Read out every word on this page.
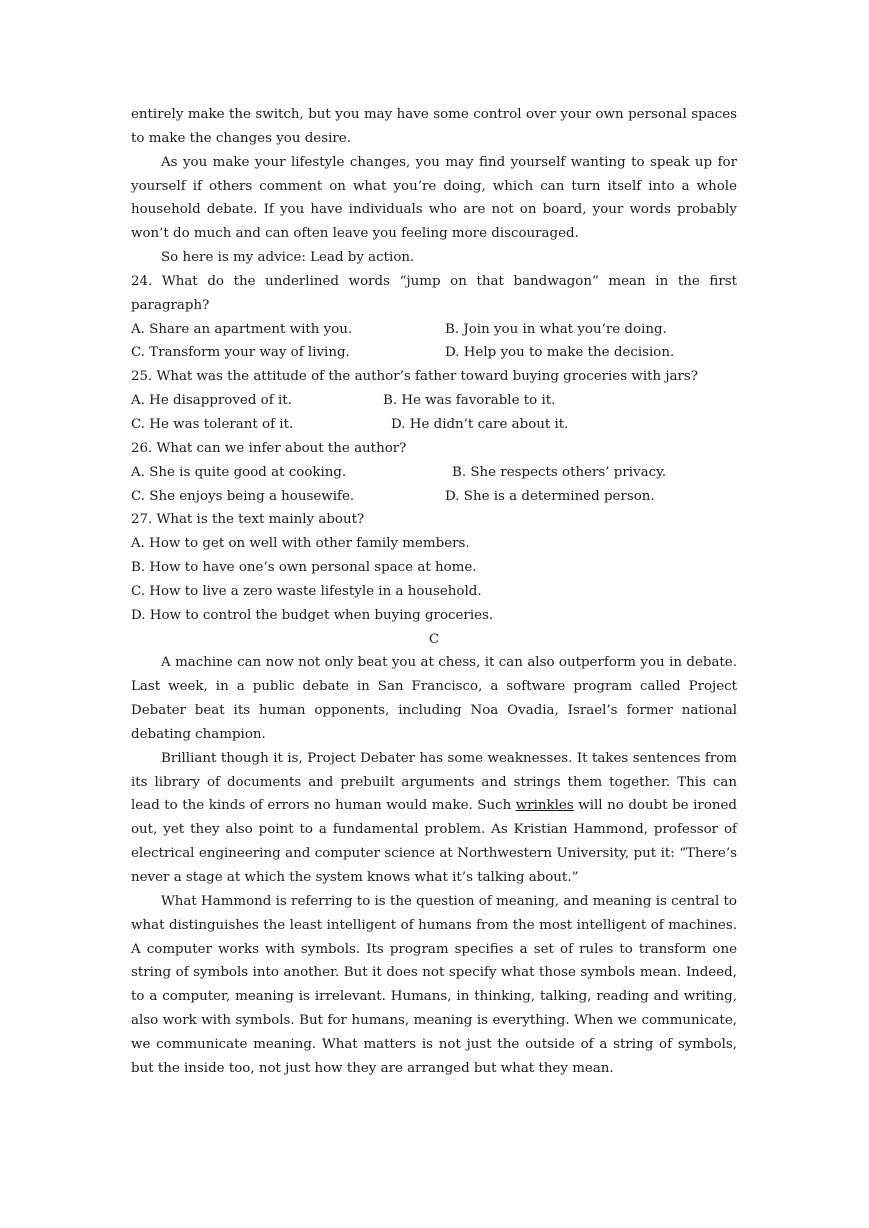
entirely make the switch, but you may have some control over your own personal spaces to make the changes you desire.

As you make your lifestyle changes, you may find yourself wanting to speak up for yourself if others comment on what you’re doing, which can turn itself into a whole household debate. If you have individuals who are not on board, your words probably won’t do much and can often leave you feeling more discouraged.

So here is my advice: Lead by action.

24. What do the underlined words “jump on that bandwagon” mean in the first paragraph?

A. Share an apartment with you.	B. Join you in what you’re doing.
C. Transform your way of living.	D. Help you to make the decision.

25. What was the attitude of the author’s father toward buying groceries with jars?

A. He disapproved of it.	B. He was favorable to it.
C. He was tolerant of it.	D. He didn’t care about it.

26. What can we infer about the author?

A. She is quite good at cooking.	B. She respects others’ privacy.
C. She enjoys being a housewife.	D. She is a determined person.

27. What is the text mainly about?

A. How to get on well with other family members.

B. How to have one’s own personal space at home.

C. How to live a zero waste lifestyle in a household.

D. How to control the budget when buying groceries.

C

A machine can now not only beat you at chess, it can also outperform you in debate. Last week, in a public debate in San Francisco, a software program called Project Debater beat its human opponents, including Noa Ovadia, Israel’s former national debating champion.

Brilliant though it is, Project Debater has some weaknesses. It takes sentences from its library of documents and prebuilt arguments and strings them together. This can lead to the kinds of errors no human would make. Such wrinkles will no doubt be ironed out, yet they also point to a fundamental problem. As Kristian Hammond, professor of electrical engineering and computer science at Northwestern University, put it: “There’s never a stage at which the system knows what it’s talking about.”

What Hammond is referring to is the question of meaning, and meaning is central to what distinguishes the least intelligent of humans from the most intelligent of machines. A computer works with symbols. Its program specifies a set of rules to transform one string of symbols into another. But it does not specify what those symbols mean. Indeed, to a computer, meaning is irrelevant. Humans, in thinking, talking, reading and writing, also work with symbols. But for humans, meaning is everything. When we communicate, we communicate meaning. What matters is not just the outside of a string of symbols, but the inside too, not just how they are arranged but what they mean.
